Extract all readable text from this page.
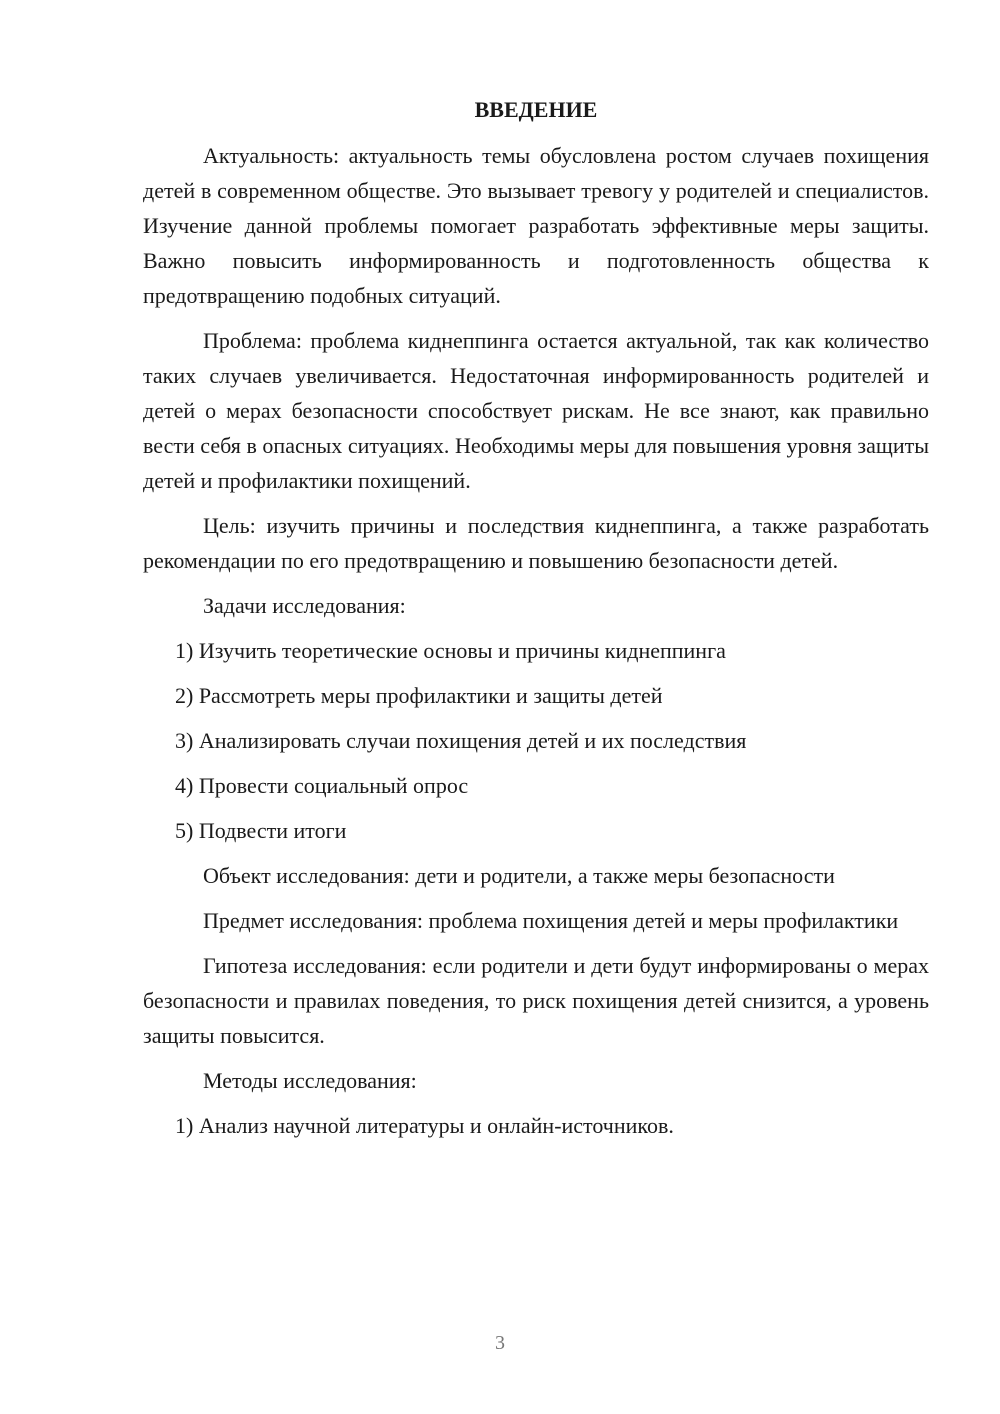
ВВЕДЕНИЕ

Актуальность: актуальность темы обусловлена ростом случаев похищения детей в современном обществе. Это вызывает тревогу у родителей и специалистов. Изучение данной проблемы помогает разработать эффективные меры защиты. Важно повысить информированность и подготовленность общества к предотвращению подобных ситуаций.

Проблема: проблема киднеппинга остается актуальной, так как количество таких случаев увеличивается. Недостаточная информированность родителей и детей о мерах безопасности способствует рискам. Не все знают, как правильно вести себя в опасных ситуациях. Необходимы меры для повышения уровня защиты детей и профилактики похищений.

Цель: изучить причины и последствия киднеппинга, а также разработать рекомендации по его предотвращению и повышению безопасности детей.

Задачи исследования:

1) Изучить теоретические основы и причины киднеппинга
2) Рассмотреть меры профилактики и защиты детей
3) Анализировать случаи похищения детей и их последствия
4) Провести социальный опрос
5) Подвести итоги

Объект исследования: дети и родители, а также меры безопасности

Предмет исследования: проблема похищения детей и меры профилактики

Гипотеза исследования: если родители и дети будут информированы о мерах безопасности и правилах поведения, то риск похищения детей снизится, а уровень защиты повысится.

Методы исследования:

1) Анализ научной литературы и онлайн-источников.
3
